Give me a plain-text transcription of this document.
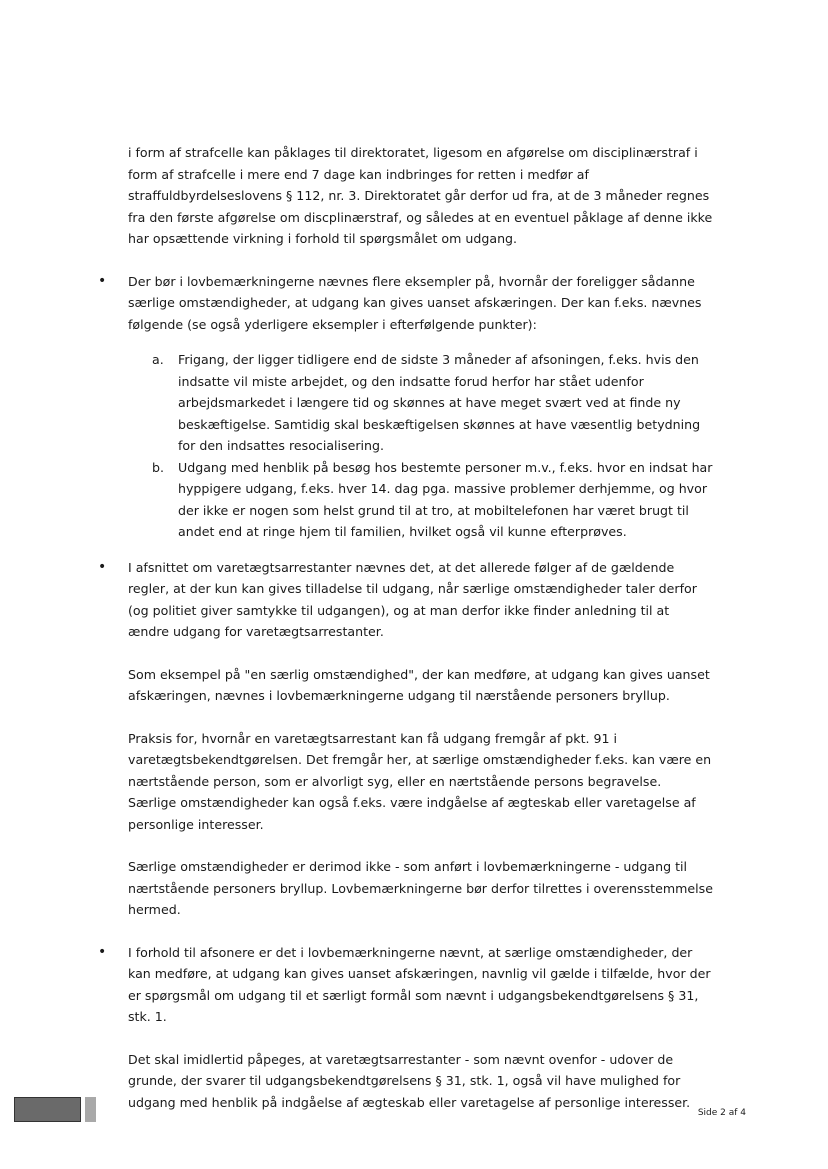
i form af strafcelle kan påklages til direktoratet, ligesom en afgørelse om disciplinærstraf i form af strafcelle i mere end 7 dage kan indbringes for retten i medfør af straffuldbyrdelseslovens § 112, nr. 3. Direktoratet går derfor ud fra, at de 3 måneder regnes fra den første afgørelse om discplinærstraf, og således at en eventuel påklage af denne ikke har opsættende virkning i forhold til spørgsmålet om udgang.

• Der bør i lovbemærkningerne nævnes flere eksempler på, hvornår der foreligger sådanne særlige omstændigheder, at udgang kan gives uanset afskæringen. Der kan f.eks. nævnes følgende (se også yderligere eksempler i efterfølgende punkter):

a. Frigang, der ligger tidligere end de sidste 3 måneder af afsoningen, f.eks. hvis den indsatte vil miste arbejdet, og den indsatte forud herfor har stået udenfor arbejdsmarkedet i længere tid og skønnes at have meget svært ved at finde ny beskæftigelse. Samtidig skal beskæftigelsen skønnes at have væsentlig betydning for den indsattes resocialisering.

b. Udgang med henblik på besøg hos bestemte personer m.v., f.eks. hvor en indsat har hyppigere udgang, f.eks. hver 14. dag pga. massive problemer derhjemme, og hvor der ikke er nogen som helst grund til at tro, at mobiltelefonen har været brugt til andet end at ringe hjem til familien, hvilket også vil kunne efterprøves.

• I afsnittet om varetægtsarrestanter nævnes det, at det allerede følger af de gældende regler, at der kun kan gives tilladelse til udgang, når særlige omstændigheder taler derfor (og politiet giver samtykke til udgangen), og at man derfor ikke finder anledning til at ændre udgang for varetægtsarrestanter.

Som eksempel på "en særlig omstændighed", der kan medføre, at udgang kan gives uanset afskæringen, nævnes i lovbemærkningerne udgang til nærstående personers bryllup.

Praksis for, hvornår en varetægtsarrestant kan få udgang fremgår af pkt. 91 i varetægtsbekendtgørelsen. Det fremgår her, at særlige omstændigheder f.eks. kan være en nærtstående person, som er alvorligt syg, eller en nærtstående persons begravelse. Særlige omstændigheder kan også f.eks. være indgåelse af ægteskab eller varetagelse af personlige interesser.

Særlige omstændigheder er derimod ikke - som anført i lovbemærkningerne - udgang til nærtstående personers bryllup. Lovbemærkningerne bør derfor tilrettes i overensstemmelse hermed.

• I forhold til afsonere er det i lovbemærkningerne nævnt, at særlige omstændigheder, der kan medføre, at udgang kan gives uanset afskæringen, navnlig vil gælde i tilfælde, hvor der er spørgsmål om udgang til et særligt formål som nævnt i udgangsbekendtgørelsens § 31, stk. 1.

Det skal imidlertid påpeges, at varetægtsarrestanter - som nævnt ovenfor - udover de grunde, der svarer til udgangsbekendtgørelsens § 31, stk. 1, også vil have mulighed for udgang med henblik på indgåelse af ægteskab eller varetagelse af personlige interesser.

Side 2 af 4
